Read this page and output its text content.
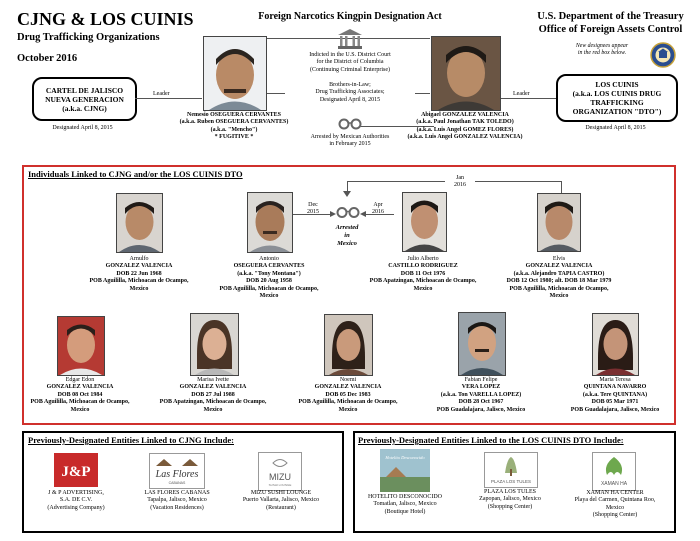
CJNG & LOS CUINIS
Drug Trafficking Organizations
October 2016
Foreign Narcotics Kingpin Designation Act	U.S. Department of the Treasury
Office of Foreign Assets Control
New designees appear
in the red box below.
CARTEL DE JALISCO
NUEVA GENERACION
(a.k.a. CJNG)
Designated April 8, 2015
LOS CUINIS
(a.k.a. LOS CUINIS DRUG
TRAFFICKING
ORGANIZATION "DTO")
Designated April 8, 2015
Leader	Leader
Nemesio OSEGUERA CERVANTES
(a.k.a. Ruben OSEGUERA CERVANTES)
(a.k.a. "Mencho")
* FUGITIVE *
Abigael GONZALEZ VALENCIA
(a.k.a. Paul Jonathan TAK TOLEDO)
(a.k.a. Luis Angel GOMEZ FLORES)
(a.k.a. Luis Angel GONZALEZ VALENCIA)
Indicted in the U.S. District Court
for the District of Columbia
(Continuing Criminal Enterprise)
Brothers-in-Law;
Drug Trafficking Associates;
Designated April 8, 2015
Arrested by Mexican Authorities
in February 2015
Individuals Linked to CJNG and/or the LOS CUINIS DTO	Jan
2016
Dec
2015
Apr
2016
Arrested
in
Mexico
Arnulfo
GONZALEZ VALENCIA
DOB 22 Jun 1968
POB Aguililla, Michoacan de Ocampo,
Mexico
Antonio
OSEGUERA CERVANTES
(a.k.a. "Tony Montana")
DOB 20 Aug 1958
POB Aguililla, Michoacan de Ocampo,
Mexico
Julio Alberto
CASTILLO RODRIGUEZ
DOB 11 Oct 1976
POB Apatzingan, Michoacan de Ocampo,
Mexico
Elvis
GONZALEZ VALENCIA
(a.k.a. Alejandro TAPIA CASTRO)
DOB 12 Oct 1980; alt. DOB 18 Mar 1979
POB Aguililla, Michoacan de Ocampo,
Mexico
Edgar Edon
GONZALEZ VALENCIA
DOB 08 Oct 1984
POB Aguililla, Michoacan de Ocampo,
Mexico
Marisa Ivette
GONZALEZ VALENCIA
DOB 27 Jul 1988
POB Apatzingan, Michoacan de Ocampo,
Mexico
Noemi
GONZALEZ VALENCIA
DOB 05 Dec 1983
POB Aguililla, Michoacan de Ocampo,
Mexico
Fabian Felipe
VERA LOPEZ
(a.k.a. Ton VARELLA LOPEZ)
DOB 28 Oct 1967
POB Guadalajara, Jalisco, Mexico
Maria Teresa
QUINTANA NAVARRO
(a.k.a. Tere QUINTANA)
DOB 05 Mar 1971
POB Guadalajara, Jalisco, Mexico
Previously-Designated Entities Linked to CJNG Include:
J&P
J & P ADVERTISING,
S.A. DE C.V.
(Advertising Company)
Las Flores
CABANAS
LAS FLORES CABANAS
Tapalpa, Jalisco, Mexico
(Vacation Residences)
MIZU
SUSHI LOUNGE
MIZU SUSHI LOUNGE
Puerto Vallarta, Jalisco, Mexico
(Restaurant)
Previously-Designated Entities Linked to the LOS CUINIS DTO Include:
Hotelito Desconocido
HOTELITO DESCONOCIDO
Tomatlan, Jalisco, Mexico
(Boutique Hotel)
PLAZA LOS TULES
PLAZA LOS TULES
Zapopan, Jalisco, Mexico
(Shopping Center)
XAMAN HA
XAMAN HA CENTER
Playa del Carmen, Quintana Roo,
Mexico
(Shopping Center)
